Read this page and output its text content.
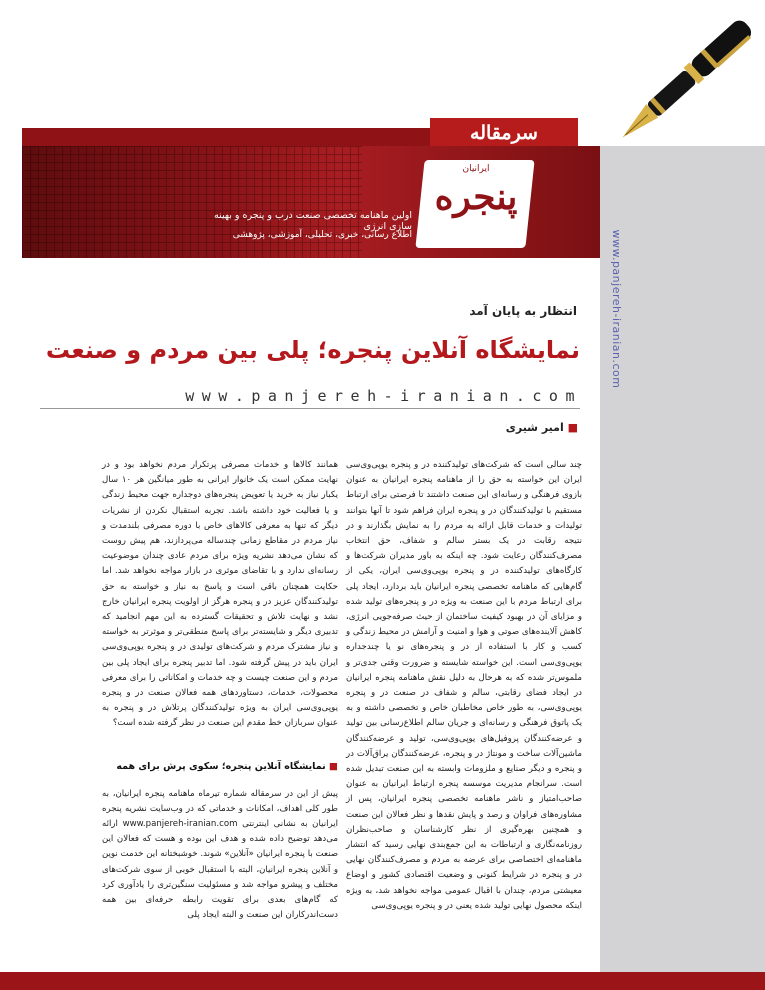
سرمقاله
ایرانیان
پنجره
اولین ماهنامه تخصصی صنعت درب و پنجره و بهینه سازی انرژی
اطلاع رسانی، خبری، تحلیلی، آموزشی، پژوهشی	www.panjereh-iranian.com
انتظار به پایان آمد
نمایشگاه آنلاین پنجره؛ پلی بین مردم و صنعت
www.panjereh-iranian.com
■ امیر شیری

چند سالی است که شرکت‌های تولیدکننده در و پنجره یوپی‌وی‌سی ایران این خواسته به حق را از ماهنامه پنجره ایرانیان به عنوان بازوی فرهنگی و رسانه‌ای این صنعت داشتند تا فرصتی برای ارتباط مستقیم با تولیدکنندگان در و پنجره ایران فراهم شود تا آنها بتوانند تولیدات و خدمات قابل ارائه به مردم را به نمایش بگذارند و در نتیجه رقابت در یک بستر سالم و شفاف، حق انتخاب مصرف‌کنندگان رعایت شود. چه اینکه به باور مدیران شرکت‌ها و کارگاه‌های تولیدکننده در و پنجره یوپی‌وی‌سی ایران، یکی از گام‌هایی که ماهنامه تخصصی پنجره ایرانیان باید بردارد، ایجاد پلی برای ارتباط مردم با این صنعت به ویژه در و پنجره‌های تولید شده و مزایای آن در بهبود کیفیت ساختمان از حیث صرفه‌جویی انرژی، کاهش آلاینده‌های صوتی و هوا و امنیت و آرامش در محیط زندگی و کسب و کار با استفاده از در و پنجره‌های نو یا چندجداره یوپی‌وی‌سی است. این خواسته شایسته و ضرورت وقتی جدی‌تر و ملموس‌تر شده که به هرحال به دلیل نقش ماهنامه پنجره ایرانیان در ایجاد فضای رقابتی، سالم و شفاف در صنعت در و پنجره یوپی‌وی‌سی، به طور خاص مخاطبان خاص و تخصصی داشته و به یک پاتوق فرهنگی و رسانه‌ای و جریان سالم اطلاع‌رسانی بین تولید و عرضه‌کنندگان پروفیل‌های یوپی‌وی‌سی، تولید و عرضه‌کنندگان ماشین‌آلات ساخت و مونتاژ در و پنجره، عرضه‌کنندگان یراق‌آلات در و پنجره و دیگر صنایع و ملزومات وابسته به این صنعت تبدیل شده است. سرانجام مدیریت موسسه پنجره ارتباط ایرانیان به عنوان صاحب‌امتیاز و ناشر ماهنامه تخصصی پنجره ایرانیان، پس از مشاوره‌های فراوان و رصد و پایش نقدها و نظر فعالان این صنعت و همچنین بهره‌گیری از نظر کارشناسان و صاحب‌نظران روزنامه‌نگاری و ارتباطات به این جمع‌بندی نهایی رسید که انتشار ماهنامه‌ای اختصاصی برای عرضه به مردم و مصرف‌کنندگان نهایی در و پنجره در شرایط کنونی و وضعیت اقتصادی کشور و اوضاع معیشتی مردم، چندان با اقبال عمومی مواجه نخواهد شد، به ویژه اینکه محصول نهایی تولید شده یعنی در و پنجره یوپی‌وی‌سی

همانند کالاها و خدمات مصرفی پرتکرار مردم نخواهد بود و در نهایت ممکن است یک خانوار ایرانی به طور میانگین هر ۱۰ سال یکبار نیاز به خرید یا تعویض پنجره‌های دوجداره جهت محیط زندگی و یا فعالیت خود داشته باشد. تجربه استقبال نکردن از نشریات دیگر که تنها به معرفی کالاهای خاص با دوره مصرفی بلندمدت و نیاز مردم در مقاطع زمانی چندساله می‌پردازند، هم پیش روست که نشان می‌دهد نشریه ویژه برای مردم عادی چندان موضوعیت رسانه‌ای ندارد و با تقاضای موثری در بازار مواجه نخواهد شد. اما حکایت همچنان باقی است و پاسخ به نیاز و خواسته به حق تولیدکنندگان عزیز در و پنجره هرگز از اولویت پنجره ایرانیان خارج نشد و نهایت تلاش و تحقیقات گسترده به این مهم انجامید که تدبیری دیگر و شایسته‌تر برای پاسخ منطقی‌تر و موثرتر به خواسته و نیاز مشترک مردم و شرکت‌های تولیدی در و پنجره یوپی‌وی‌سی ایران باید در پیش گرفته شود. اما تدبیر پنجره برای ایجاد پلی بین مردم و این صنعت چیست و چه خدمات و امکاناتی را برای معرفی محصولات، خدمات، دستاوردهای همه فعالان صنعت در و پنجره یوپی‌وی‌سی ایران به ویژه تولیدکنندگان پرتلاش در و پنجره به عنوان سربازان خط مقدم این صنعت در نظر گرفته شده است؟

■ نمایشگاه آنلاین پنجره؛ سکوی پرش برای همه

پیش از این در سرمقاله شماره تیرماه ماهنامه پنجره ایرانیان، به طور کلی اهداف، امکانات و خدماتی که در وب‌سایت نشریه پنجره ایرانیان به نشانی اینترنتی www.panjereh-iranian.com ارائه می‌دهد توضیح داده شده و هدف این بوده و هست که فعالان این صنعت با پنجره ایرانیان «آنلاین» شوند. خوشبختانه این خدمت نوین و آنلاین پنجره ایرانیان، البته با استقبال خوبی از سوی شرکت‌های مختلف و پیشرو مواجه شد و مسئولیت سنگین‌تری را یادآوری کرد که گام‌های بعدی برای تقویت رابطه حرفه‌ای بین همه دست‌اندرکاران این صنعت و البته ایجاد پلی
